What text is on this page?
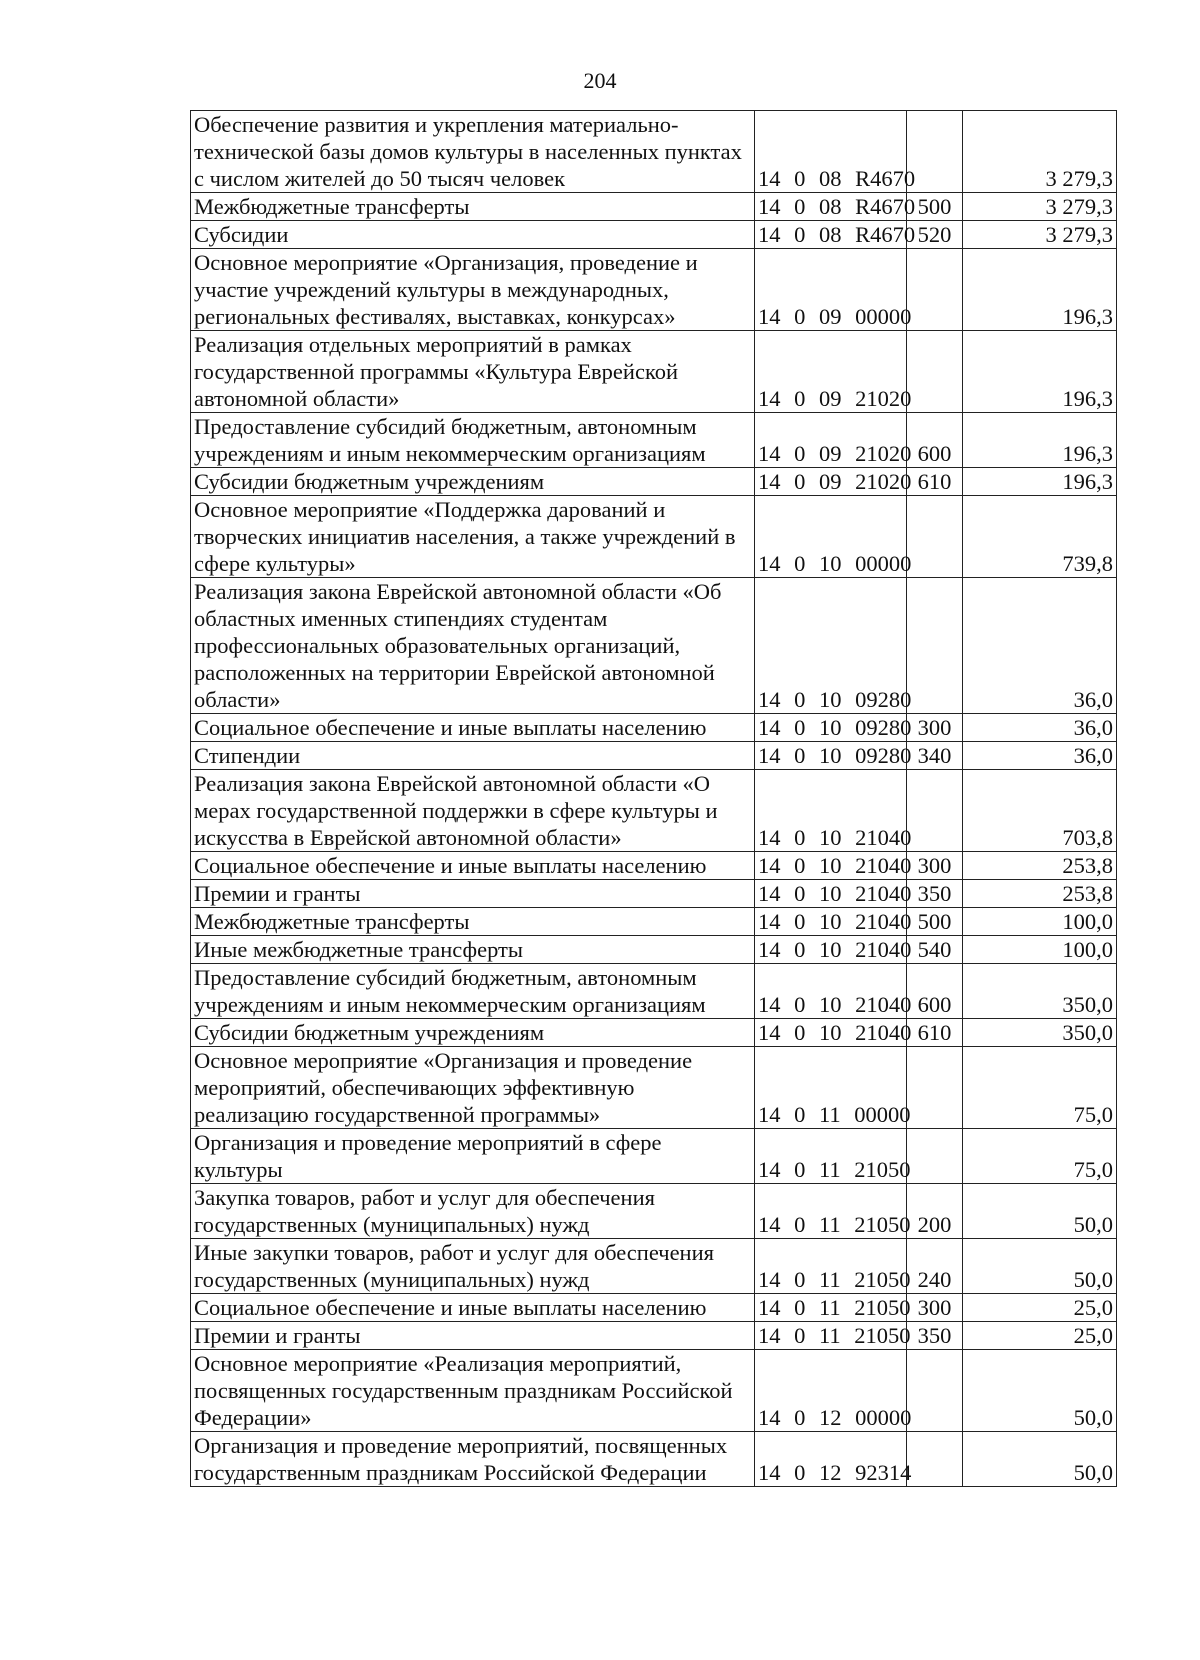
204
Обеспечение развития и укрепления материально-технической базы домов культуры в населенных пунктах с числом жителей до 50 тысяч человек	14 0 08 R4670		3 279,3
Межбюджетные трансферты	14 0 08 R4670	500	3 279,3
Субсидии	14 0 08 R4670	520	3 279,3
Основное мероприятие «Организация, проведение и участие учреждений культуры в международных, региональных фестивалях, выставках, конкурсах»	14 0 09 00000		196,3
Реализация отдельных мероприятий в рамках государственной программы «Культура Еврейской автономной области»	14 0 09 21020		196,3
Предоставление субсидий бюджетным, автономным учреждениям и иным некоммерческим организациям	14 0 09 21020	600	196,3
Субсидии бюджетным учреждениям	14 0 09 21020	610	196,3
Основное мероприятие «Поддержка дарований и творческих инициатив населения, а также учреждений в сфере культуры»	14 0 10 00000		739,8
Реализация закона Еврейской автономной области «Об областных именных стипендиях студентам профессиональных образовательных организаций, расположенных на территории Еврейской автономной области»	14 0 10 09280		36,0
Социальное обеспечение и иные выплаты населению	14 0 10 09280	300	36,0
Стипендии	14 0 10 09280	340	36,0
Реализация закона Еврейской автономной области «О мерах государственной поддержки в сфере культуры и искусства в Еврейской автономной области»	14 0 10 21040		703,8
Социальное обеспечение и иные выплаты населению	14 0 10 21040	300	253,8
Премии и гранты	14 0 10 21040	350	253,8
Межбюджетные трансферты	14 0 10 21040	500	100,0
Иные межбюджетные трансферты	14 0 10 21040	540	100,0
Предоставление субсидий бюджетным, автономным учреждениям и иным некоммерческим организациям	14 0 10 21040	600	350,0
Субсидии бюджетным учреждениям	14 0 10 21040	610	350,0
Основное мероприятие «Организация и проведение мероприятий, обеспечивающих эффективную реализацию государственной программы»	14 0 11 00000		75,0
Организация и проведение мероприятий в сфере культуры	14 0 11 21050		75,0
Закупка товаров, работ и услуг для обеспечения государственных (муниципальных) нужд	14 0 11 21050	200	50,0
Иные закупки товаров, работ и услуг для обеспечения государственных (муниципальных) нужд	14 0 11 21050	240	50,0
Социальное обеспечение и иные выплаты населению	14 0 11 21050	300	25,0
Премии и гранты	14 0 11 21050	350	25,0
Основное мероприятие «Реализация мероприятий, посвященных государственным праздникам Российской Федерации»	14 0 12 00000		50,0
Организация и проведение мероприятий, посвященных государственным праздникам Российской Федерации	14 0 12 92314		50,0
